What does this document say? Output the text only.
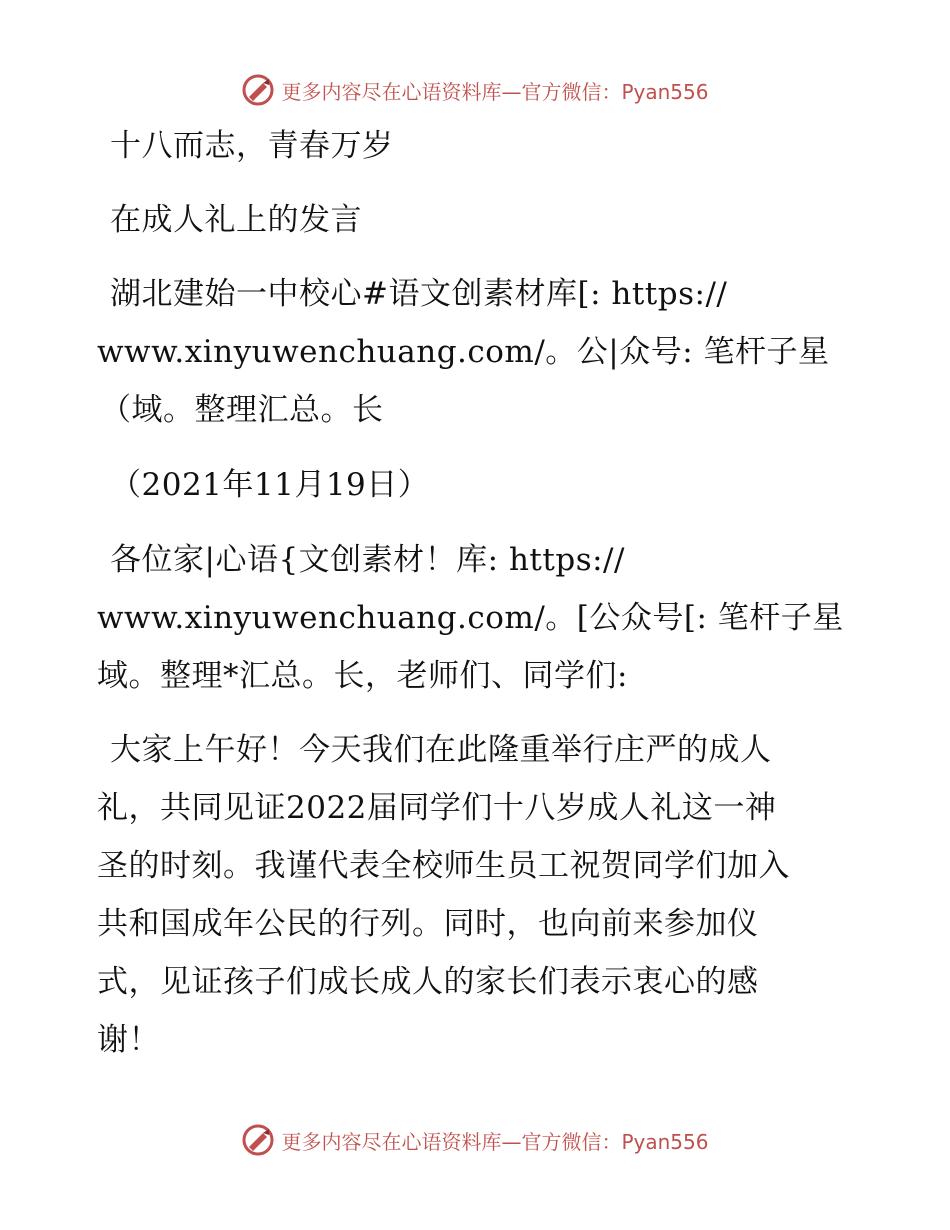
更多内容尽在心语资料库—官方微信：Pyan556

十八而志，青春万岁

在成人礼上的发言

湖北建始一中校心#语文创素材库[: https://

www.xinyuwenchuang.com/。公|众号: 笔杆子星

（域。整理汇总。长

（2021年11月19日）

各位家|心语{文创素材！库: https://

www.xinyuwenchuang.com/。[公众号[: 笔杆子星

域。整理*汇总。长，老师们、同学们:

大家上午好！今天我们在此隆重举行庄严的成人

礼，共同见证2022届同学们十八岁成人礼这一神

圣的时刻。我谨代表全校师生员工祝贺同学们加入

共和国成年公民的行列。同时，也向前来参加仪

式，见证孩子们成长成人的家长们表示衷心的感

谢！

更多内容尽在心语资料库—官方微信：Pyan556
